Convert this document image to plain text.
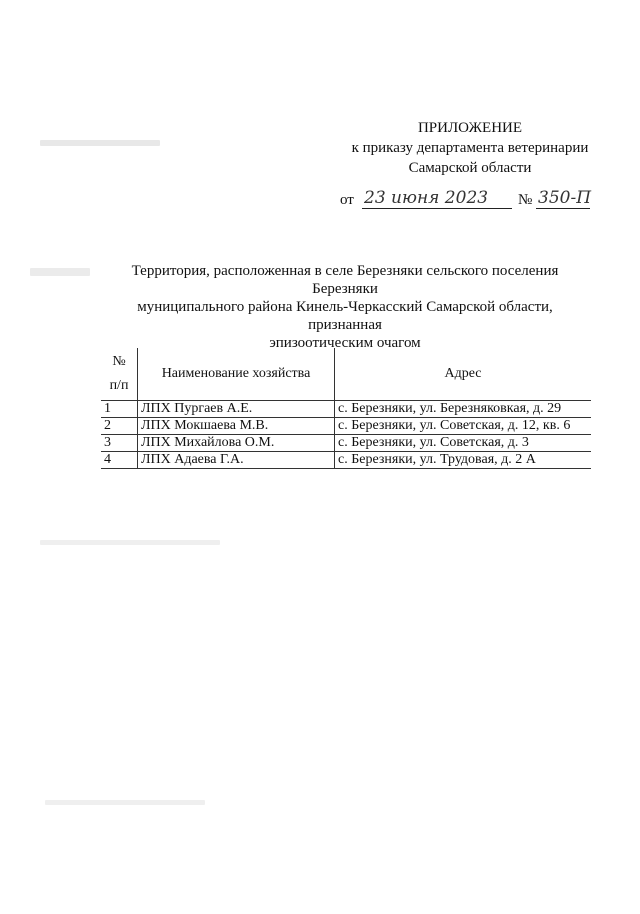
ПРИЛОЖЕНИЕ
к приказу департамента ветеринарии
Самарской области
от 23 июня 2023	№ 350-П
Территория, расположенная в селе Березняки сельского поселения Березняки
муниципального района Кинель-Черкасский Самарской области, признанная
эпизоотическим очагом
№
п/п	Наименование хозяйства	Адрес
1	ЛПХ Пургаев А.Е.	с. Березняки, ул. Березняковкая, д. 29
2	ЛПХ Мокшаева М.В.	с. Березняки, ул. Советская, д. 12, кв. 6
3	ЛПХ Михайлова О.М.	с. Березняки, ул. Советская, д. 3
4	ЛПХ Адаева Г.А.	с. Березняки, ул. Трудовая, д. 2 А
